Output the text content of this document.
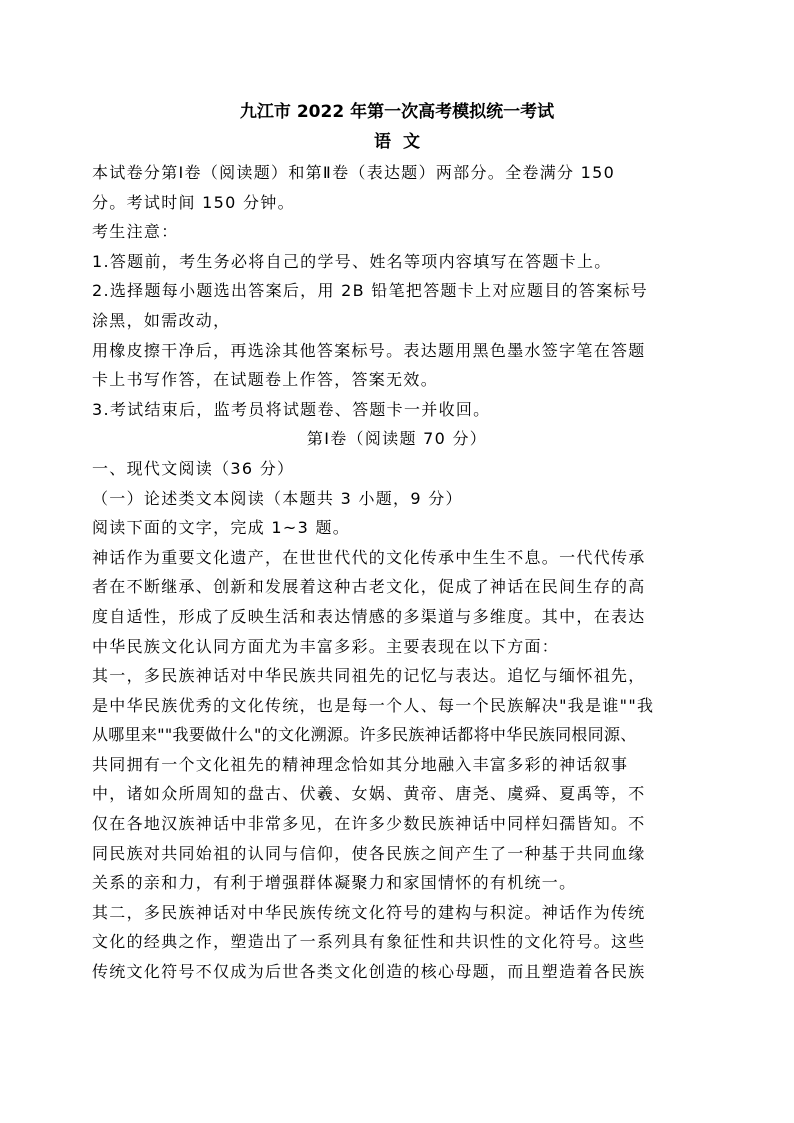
九江市 2022 年第一次高考模拟统一考试
语文
本试卷分第Ⅰ卷（阅读题）和第Ⅱ卷（表达题）两部分。全卷满分 150
分。考试时间 150 分钟。
考生注意：
1.答题前，考生务必将自己的学号、姓名等项内容填写在答题卡上。
2.选择题每小题选出答案后，用 2B 铅笔把答题卡上对应题目的答案标号
涂黑，如需改动，
用橡皮擦干净后，再选涂其他答案标号。表达题用黑色墨水签字笔在答题
卡上书写作答，在试题卷上作答，答案无效。
3.考试结束后，监考员将试题卷、答题卡一并收回。
第Ⅰ卷（阅读题 70 分）
一、现代文阅读（36 分）
（一）论述类文本阅读（本题共 3 小题，9 分）
阅读下面的文字，完成 1~3 题。
神话作为重要文化遗产，在世世代代的文化传承中生生不息。一代代传承
者在不断继承、创新和发展着这种古老文化，促成了神话在民间生存的高
度自适性，形成了反映生活和表达情感的多渠道与多维度。其中，在表达
中华民族文化认同方面尤为丰富多彩。主要表现在以下方面：
其一，多民族神话对中华民族共同祖先的记忆与表达。追忆与缅怀祖先，
是中华民族优秀的文化传统，也是每一个人、每一个民族解决"我是谁""我
从哪里来""我要做什么"的文化溯源。许多民族神话都将中华民族同根同源、
共同拥有一个文化祖先的精神理念恰如其分地融入丰富多彩的神话叙事
中，诸如众所周知的盘古、伏羲、女娲、黄帝、唐尧、虞舜、夏禹等，不
仅在各地汉族神话中非常多见，在许多少数民族神话中同样妇孺皆知。不
同民族对共同始祖的认同与信仰，使各民族之间产生了一种基于共同血缘
关系的亲和力，有利于增强群体凝聚力和家国情怀的有机统一。
其二，多民族神话对中华民族传统文化符号的建构与积淀。神话作为传统
文化的经典之作，塑造出了一系列具有象征性和共识性的文化符号。这些
传统文化符号不仅成为后世各类文化创造的核心母题，而且塑造着各民族
